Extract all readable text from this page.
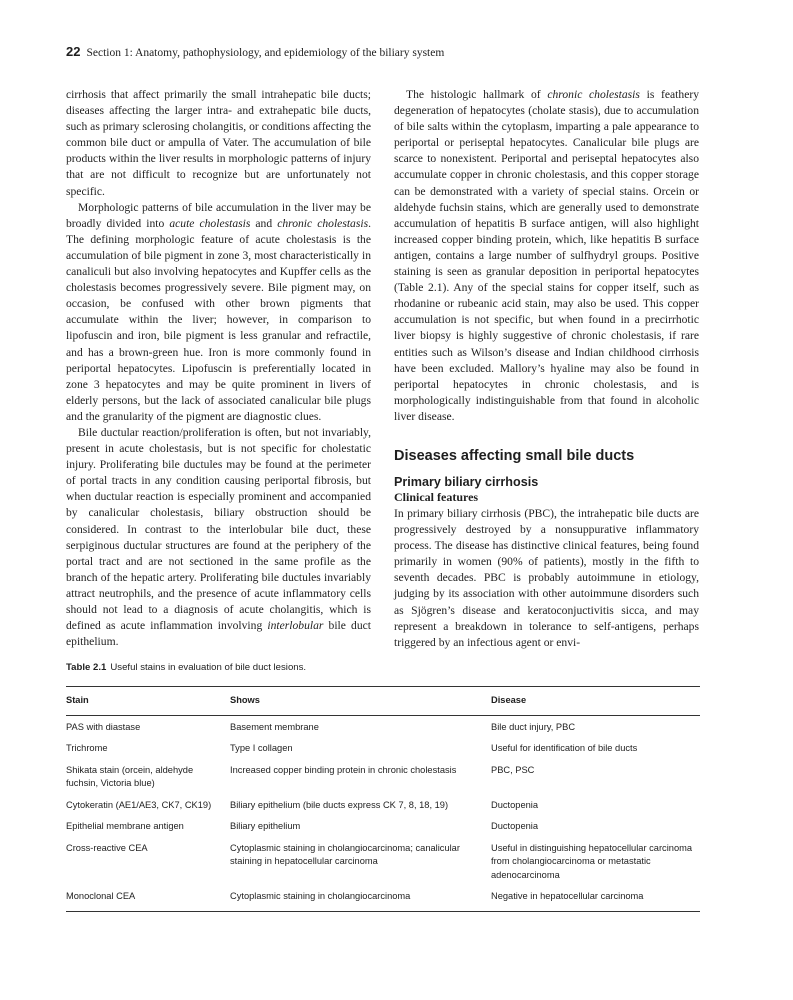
22 Section 1: Anatomy, pathophysiology, and epidemiology of the biliary system

cirrhosis that affect primarily the small intrahepatic bile ducts; diseases affecting the larger intra- and extrahepatic bile ducts, such as primary sclerosing cholangitis, or conditions affecting the common bile duct or ampulla of Vater. The accumulation of bile products within the liver results in morphologic patterns of injury that are not difficult to recognize but are unfortunately not specific.

Morphologic patterns of bile accumulation in the liver may be broadly divided into acute cholestasis and chronic cholestasis. The defining morphologic feature of acute cholestasis is the accumulation of bile pigment in zone 3, most characteristically in canaliculi but also involving hepatocytes and Kupffer cells as the cholestasis becomes progressively severe. Bile pigment may, on occasion, be confused with other brown pigments that accumulate within the liver; however, in comparison to lipofuscin and iron, bile pigment is less granular and refractile, and has a brown-green hue. Iron is more commonly found in periportal hepatocytes. Lipofuscin is preferentially located in zone 3 hepatocytes and may be quite prominent in livers of elderly persons, but the lack of associated canalicular bile plugs and the granularity of the pigment are diagnostic clues.

Bile ductular reaction/proliferation is often, but not invariably, present in acute cholestasis, but is not specific for cholestatic injury. Proliferating bile ductules may be found at the perimeter of portal tracts in any condition causing periportal fibrosis, but when ductular reaction is especially prominent and accompanied by canalicular cholestasis, biliary obstruction should be considered. In contrast to the interlobular bile duct, these serpiginous ductular structures are found at the periphery of the portal tract and are not sectioned in the same profile as the branch of the hepatic artery. Proliferating bile ductules invariably attract neutrophils, and the presence of acute inflammatory cells should not lead to a diagnosis of acute cholangitis, which is defined as acute inflammation involving interlobular bile duct epithelium.

The histologic hallmark of chronic cholestasis is feathery degeneration of hepatocytes (cholate stasis), due to accumulation of bile salts within the cytoplasm, imparting a pale appearance to periportal or periseptal hepatocytes. Canalicular bile plugs are scarce to nonexistent. Periportal and periseptal hepatocytes also accumulate copper in chronic cholestasis, and this copper storage can be demonstrated with a variety of special stains. Orcein or aldehyde fuchsin stains, which are generally used to demonstrate accumulation of hepatitis B surface antigen, will also highlight increased copper binding protein, which, like hepatitis B surface antigen, contains a large number of sulfhydryl groups. Positive staining is seen as granular deposition in periportal hepatocytes (Table 2.1). Any of the special stains for copper itself, such as rhodanine or rubeanic acid stain, may also be used. This copper accumulation is not specific, but when found in a precirrhotic liver biopsy is highly suggestive of chronic cholestasis, if rare entities such as Wilson’s disease and Indian childhood cirrhosis have been excluded. Mallory’s hyaline may also be found in periportal hepatocytes in chronic cholestasis, and is morphologically indistinguishable from that found in alcoholic liver disease.

Diseases affecting small bile ducts
Primary biliary cirrhosis
Clinical features

In primary biliary cirrhosis (PBC), the intrahepatic bile ducts are progressively destroyed by a nonsuppurative inflammatory process. The disease has distinctive clinical features, being found primarily in women (90% of patients), mostly in the fifth to seventh decades. PBC is probably autoimmune in etiology, judging by its association with other autoimmune disorders such as Sjögren’s disease and keratoconjuctivitis sicca, and may represent a breakdown in tolerance to self-antigens, perhaps triggered by an infectious agent or envi-

Table 2.1 Useful stains in evaluation of bile duct lesions.
Stain	Shows	Disease
PAS with diastase	Basement membrane	Bile duct injury, PBC
Trichrome	Type I collagen	Useful for identification of bile ducts
Shikata stain (orcein, aldehyde fuchsin, Victoria blue)	Increased copper binding protein in chronic cholestasis	PBC, PSC
Cytokeratin (AE1/AE3, CK7, CK19)	Biliary epithelium (bile ducts express CK 7, 8, 18, 19)	Ductopenia
Epithelial membrane antigen	Biliary epithelium	Ductopenia
Cross-reactive CEA	Cytoplasmic staining in cholangiocarcinoma; canalicular staining in hepatocellular carcinoma	Useful in distinguishing hepatocellular carcinoma from cholangiocarcinoma or metastatic adenocarcinoma
Monoclonal CEA	Cytoplasmic staining in cholangiocarcinoma	Negative in hepatocellular carcinoma
